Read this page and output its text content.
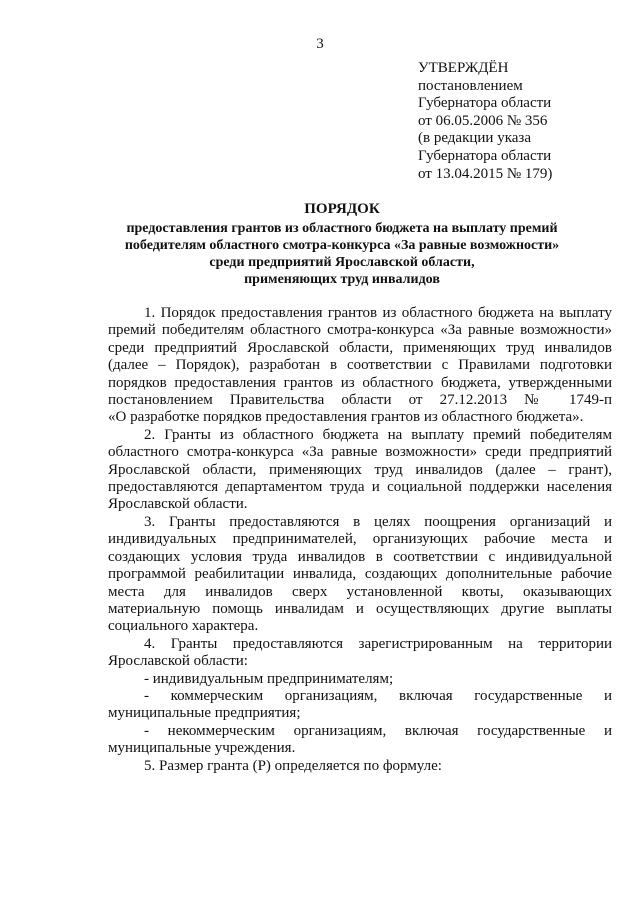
3
УТВЕРЖДЁН
постановлением
Губернатора области
от 06.05.2006 № 356
(в редакции указа
Губернатора области
от 13.04.2015 № 179)
ПОРЯДОК
предоставления грантов из областного бюджета на выплату премий
победителям областного смотра-конкурса «За равные возможности»
среди предприятий Ярославской области,
применяющих труд инвалидов

1. Порядок предоставления грантов из областного бюджета на выплату
премий победителям областного смотра-конкурса «За равные возможности»
среди предприятий Ярославской области, применяющих труд инвалидов
(далее – Порядок), разработан в соответствии с Правилами подготовки
порядков предоставления грантов из областного бюджета, утвержденными
постановлением Правительства области от 27.12.2013 № 1749-п
«О разработке порядков предоставления грантов из областного бюджета».

2. Гранты из областного бюджета на выплату премий победителям
областного смотра-конкурса «За равные возможности» среди предприятий
Ярославской области, применяющих труд инвалидов (далее – грант),
предоставляются департаментом труда и социальной поддержки населения
Ярославской области.

3. Гранты предоставляются в целях поощрения организаций и
индивидуальных предпринимателей, организующих рабочие места и
создающих условия труда инвалидов в соответствии с индивидуальной
программой реабилитации инвалида, создающих дополнительные рабочие
места для инвалидов сверх установленной квоты, оказывающих
материальную помощь инвалидам и осуществляющих другие выплаты
социального характера.

4. Гранты предоставляются зарегистрированным на территории
Ярославской области:

- индивидуальным предпринимателям;

- коммерческим организациям, включая государственные и
муниципальные предприятия;

- некоммерческим организациям, включая государственные и
муниципальные учреждения.

5. Размер гранта (Р) определяется по формуле:
